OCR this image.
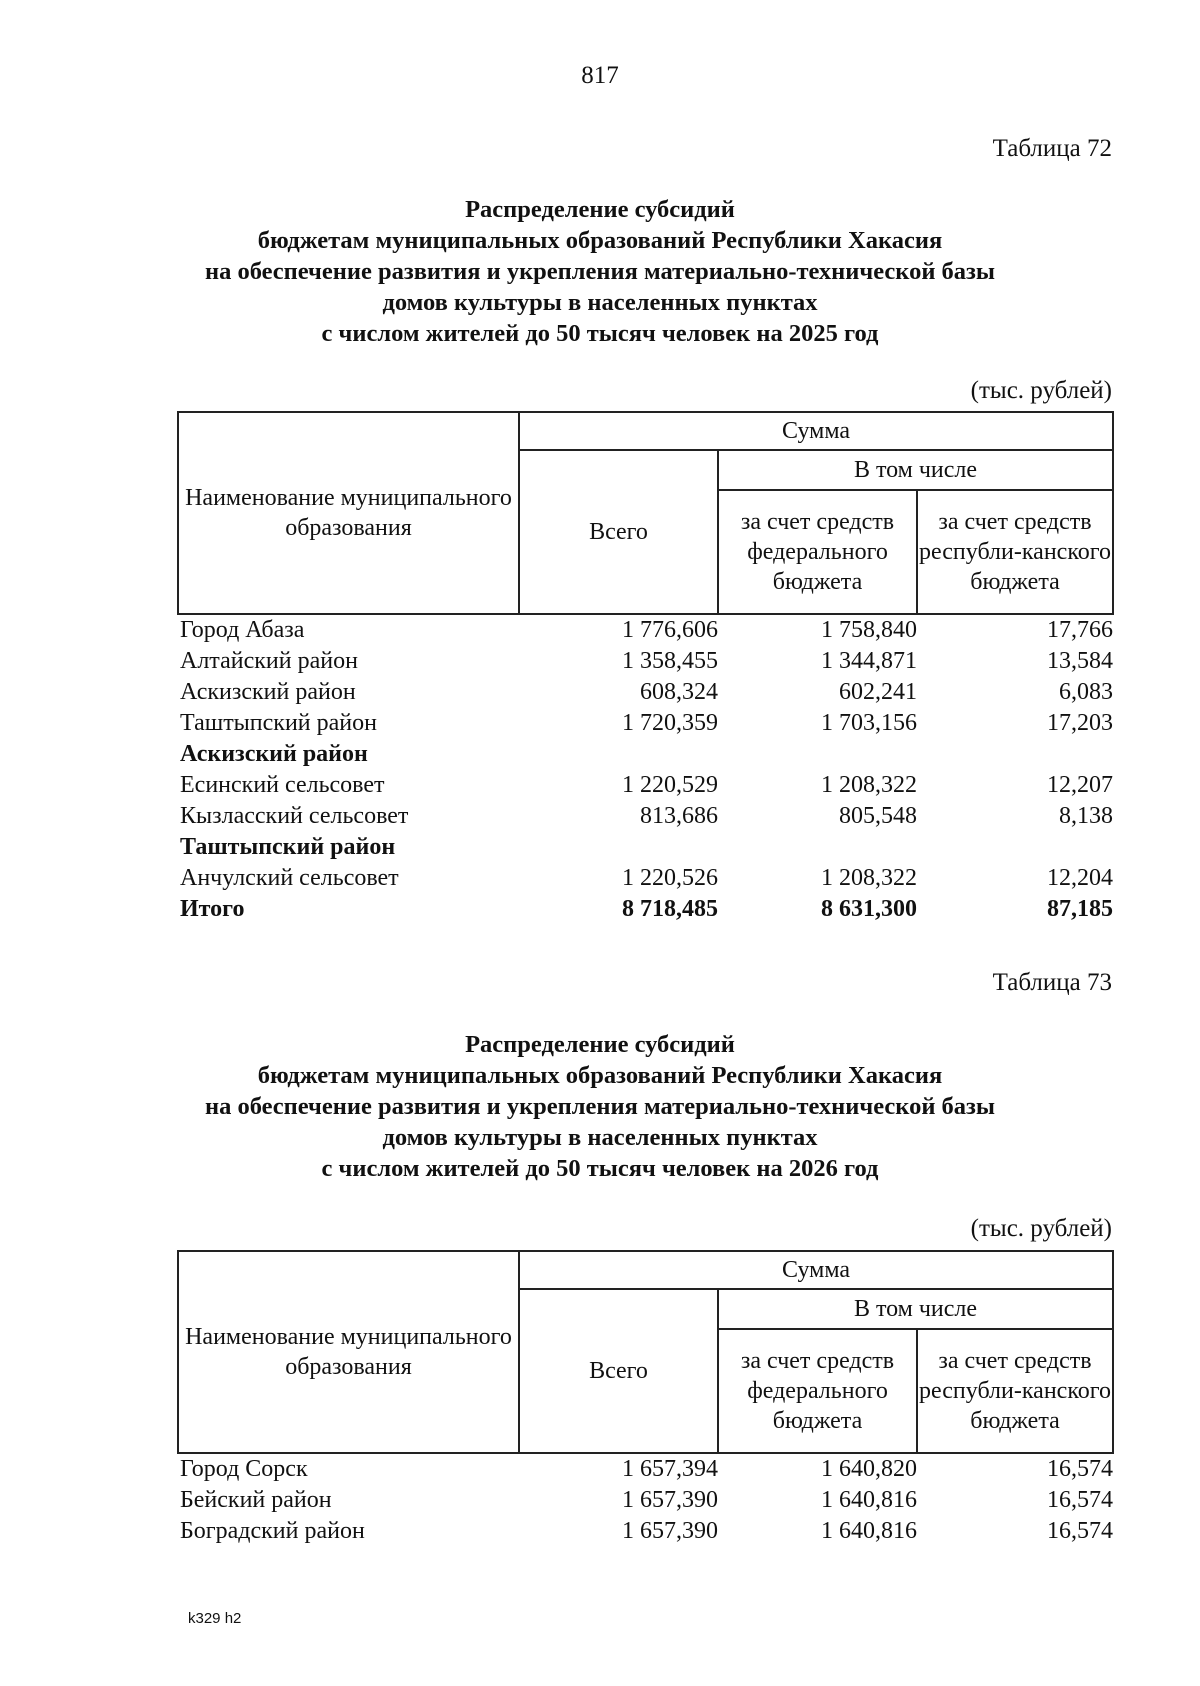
817
Таблица 72
Распределение субсидий
бюджетам муниципальных образований Республики Хакасия
на обеспечение развития и укрепления материально-технической базы
домов культуры в населенных пунктах
с числом жителей до 50 тысяч человек на 2025 год
(тыс. рублей)
Наименование муниципального образования	Сумма		
	Всего	В том числе	
		за счет средств федерального бюджета	за счет средств республи-канского бюджета
Город Абаза	1 776,606	1 758,840	17,766
Алтайский район	1 358,455	1 344,871	13,584
Аскизский район	608,324	602,241	6,083
Таштыпский район	1 720,359	1 703,156	17,203
Аскизский район			
Есинский сельсовет	1 220,529	1 208,322	12,207
Кызласский сельсовет	813,686	805,548	8,138
Таштыпский район			
Анчулский сельсовет	1 220,526	1 208,322	12,204
Итого	8 718,485	8 631,300	87,185
Таблица 73
Распределение субсидий
бюджетам муниципальных образований Республики Хакасия
на обеспечение развития и укрепления материально-технической базы
домов культуры в населенных пунктах
с числом жителей до 50 тысяч человек на 2026 год
(тыс. рублей)
Наименование муниципального образования	Сумма		
	Всего	В том числе	
		за счет средств федерального бюджета	за счет средств республи-канского бюджета
Город Сорск	1 657,394	1 640,820	16,574
Бейский район	1 657,390	1 640,816	16,574
Боградский район	1 657,390	1 640,816	16,574
k329 h2
